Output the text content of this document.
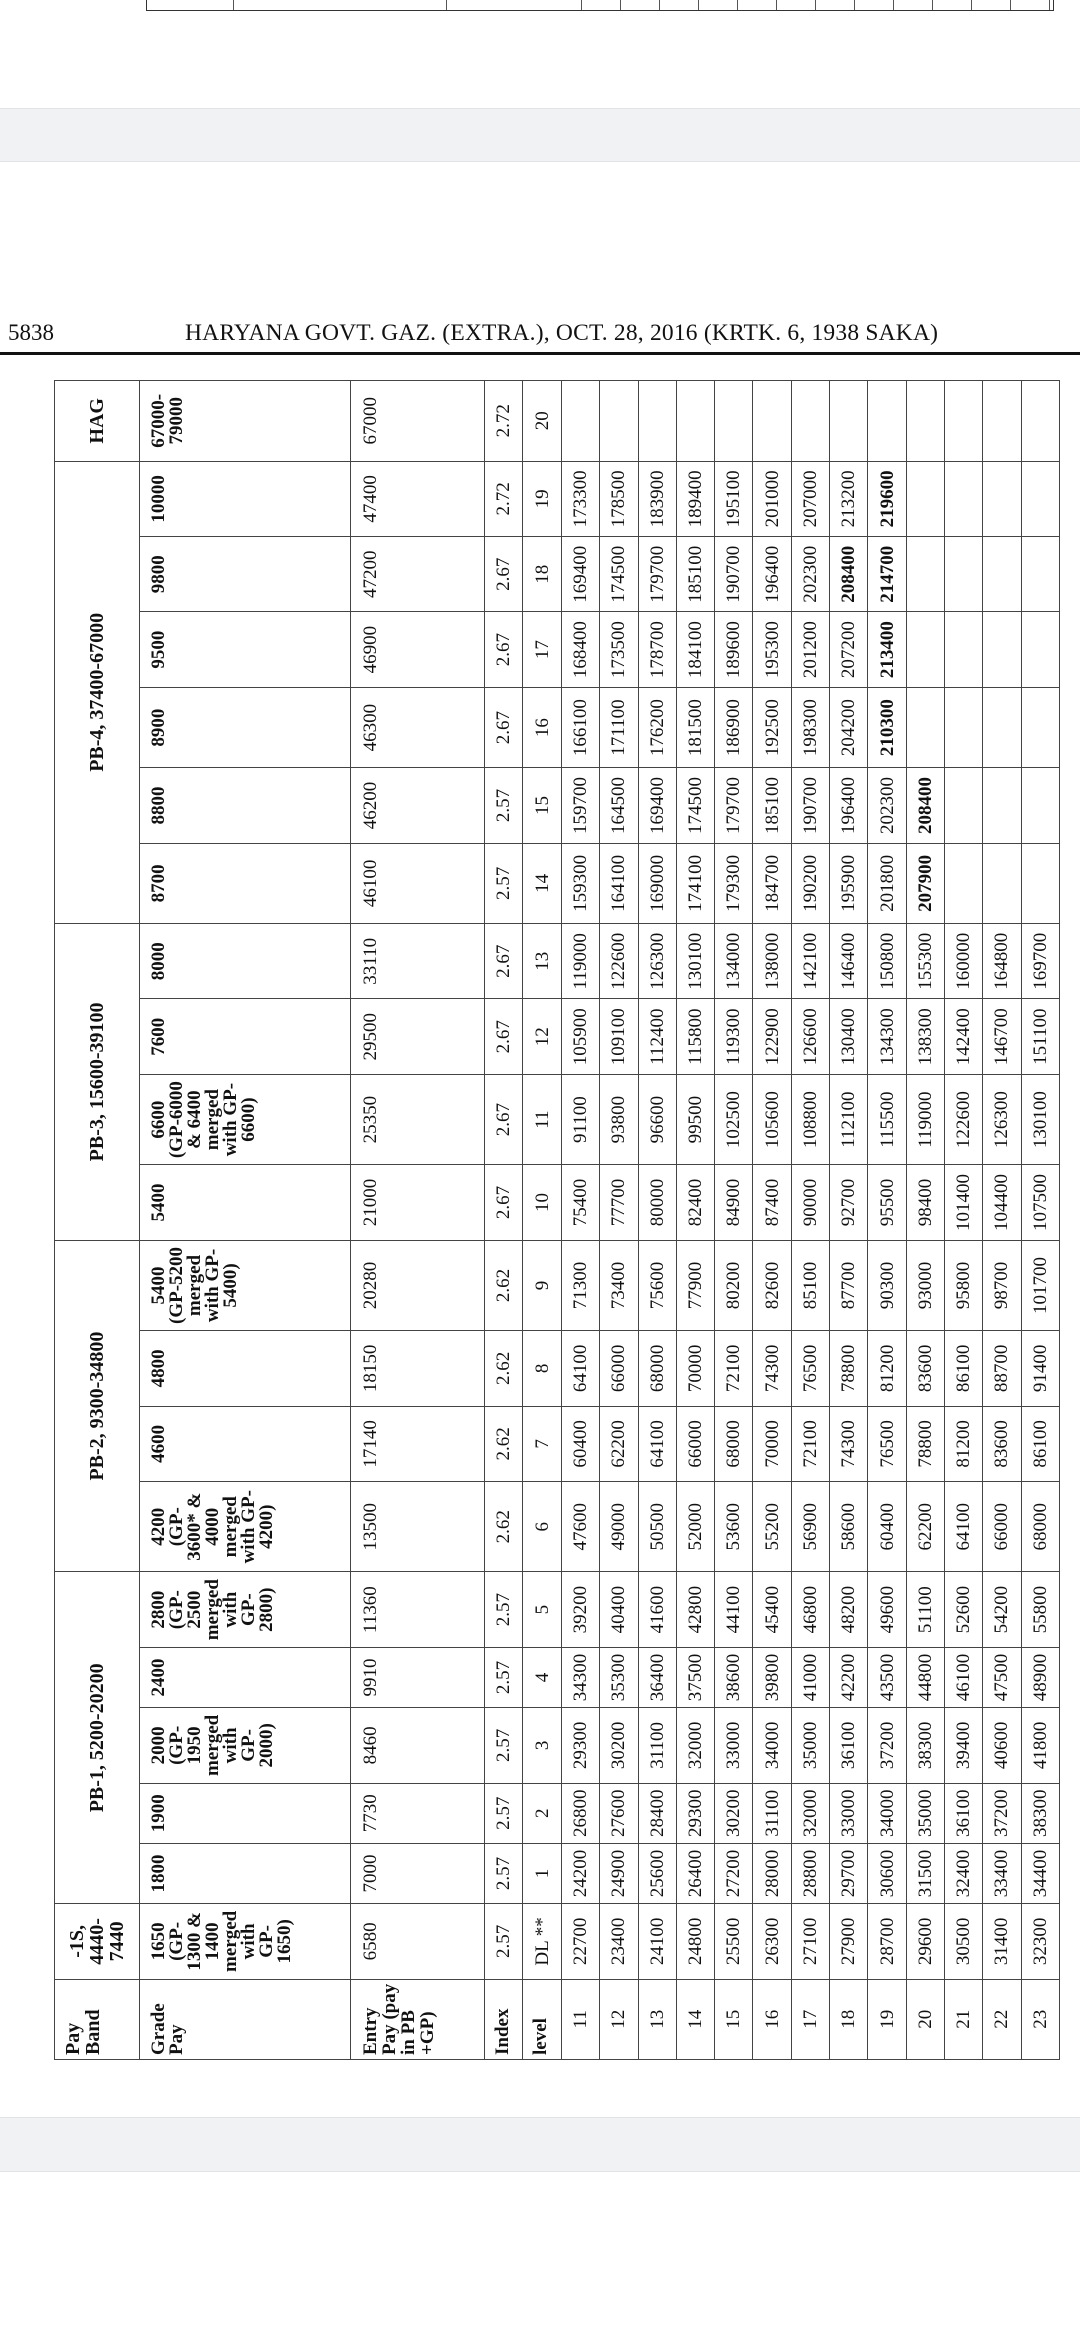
5838	HARYANA GOVT. GAZ. (EXTRA.), OCT. 28, 2016 (KRTK. 6, 1938 SAKA)
Pay Band	-1S, 4440-7440	PB-1, 5200-20200					PB-2, 9300-34800				PB-3, 15600-39100				PB-4, 37400-67000						HAG
Grade Pay	1650 (GP-1300 & 1400 merged with GP-1650)	1800	1900	2000 (GP-1950 merged with GP-2000)	2400	2800 (GP-2500 merged with GP-2800)	4200 (GP-3600* & 4000 merged with GP-4200)	4600	4800	5400 (GP-5200 merged with GP-5400)	5400	6600 (GP-6000 & 6400 merged with GP-6600)	7600	8000	8700	8800	8900	9500	9800	10000	67000-79000
Entry Pay (pay in PB +GP)	6580	7000	7730	8460	9910	11360	13500	17140	18150	20280	21000	25350	29500	33110	46100	46200	46300	46900	47200	47400	67000
Index	2.57	2.57	2.57	2.57	2.57	2.57	2.62	2.62	2.62	2.62	2.67	2.67	2.67	2.67	2.57	2.57	2.67	2.67	2.67	2.72	2.72
level	DL **	1	2	3	4	5	6	7	8	9	10	11	12	13	14	15	16	17	18	19	20
11	22700	24200	26800	29300	34300	39200	47600	60400	64100	71300	75400	91100	105900	119000	159300	159700	166100	168400	169400	173300	
12	23400	24900	27600	30200	35300	40400	49000	62200	66000	73400	77700	93800	109100	122600	164100	164500	171100	173500	174500	178500	
13	24100	25600	28400	31100	36400	41600	50500	64100	68000	75600	80000	96600	112400	126300	169000	169400	176200	178700	179700	183900	
14	24800	26400	29300	32000	37500	42800	52000	66000	70000	77900	82400	99500	115800	130100	174100	174500	181500	184100	185100	189400	
15	25500	27200	30200	33000	38600	44100	53600	68000	72100	80200	84900	102500	119300	134000	179300	179700	186900	189600	190700	195100	
16	26300	28000	31100	34000	39800	45400	55200	70000	74300	82600	87400	105600	122900	138000	184700	185100	192500	195300	196400	201000	
17	27100	28800	32000	35000	41000	46800	56900	72100	76500	85100	90000	108800	126600	142100	190200	190700	198300	201200	202300	207000	
18	27900	29700	33000	36100	42200	48200	58600	74300	78800	87700	92700	112100	130400	146400	195900	196400	204200	207200	208400	213200	
19	28700	30600	34000	37200	43500	49600	60400	76500	81200	90300	95500	115500	134300	150800	201800	202300	210300	213400	214700	219600	
20	29600	31500	35000	38300	44800	51100	62200	78800	83600	93000	98400	119000	138300	155300	207900	208400					
21	30500	32400	36100	39400	46100	52600	64100	81200	86100	95800	101400	122600	142400	160000							
22	31400	33400	37200	40600	47500	54200	66000	83600	88700	98700	104400	126300	146700	164800							
23	32300	34400	38300	41800	48900	55800	68000	86100	91400	101700	107500	130100	151100	169700							
